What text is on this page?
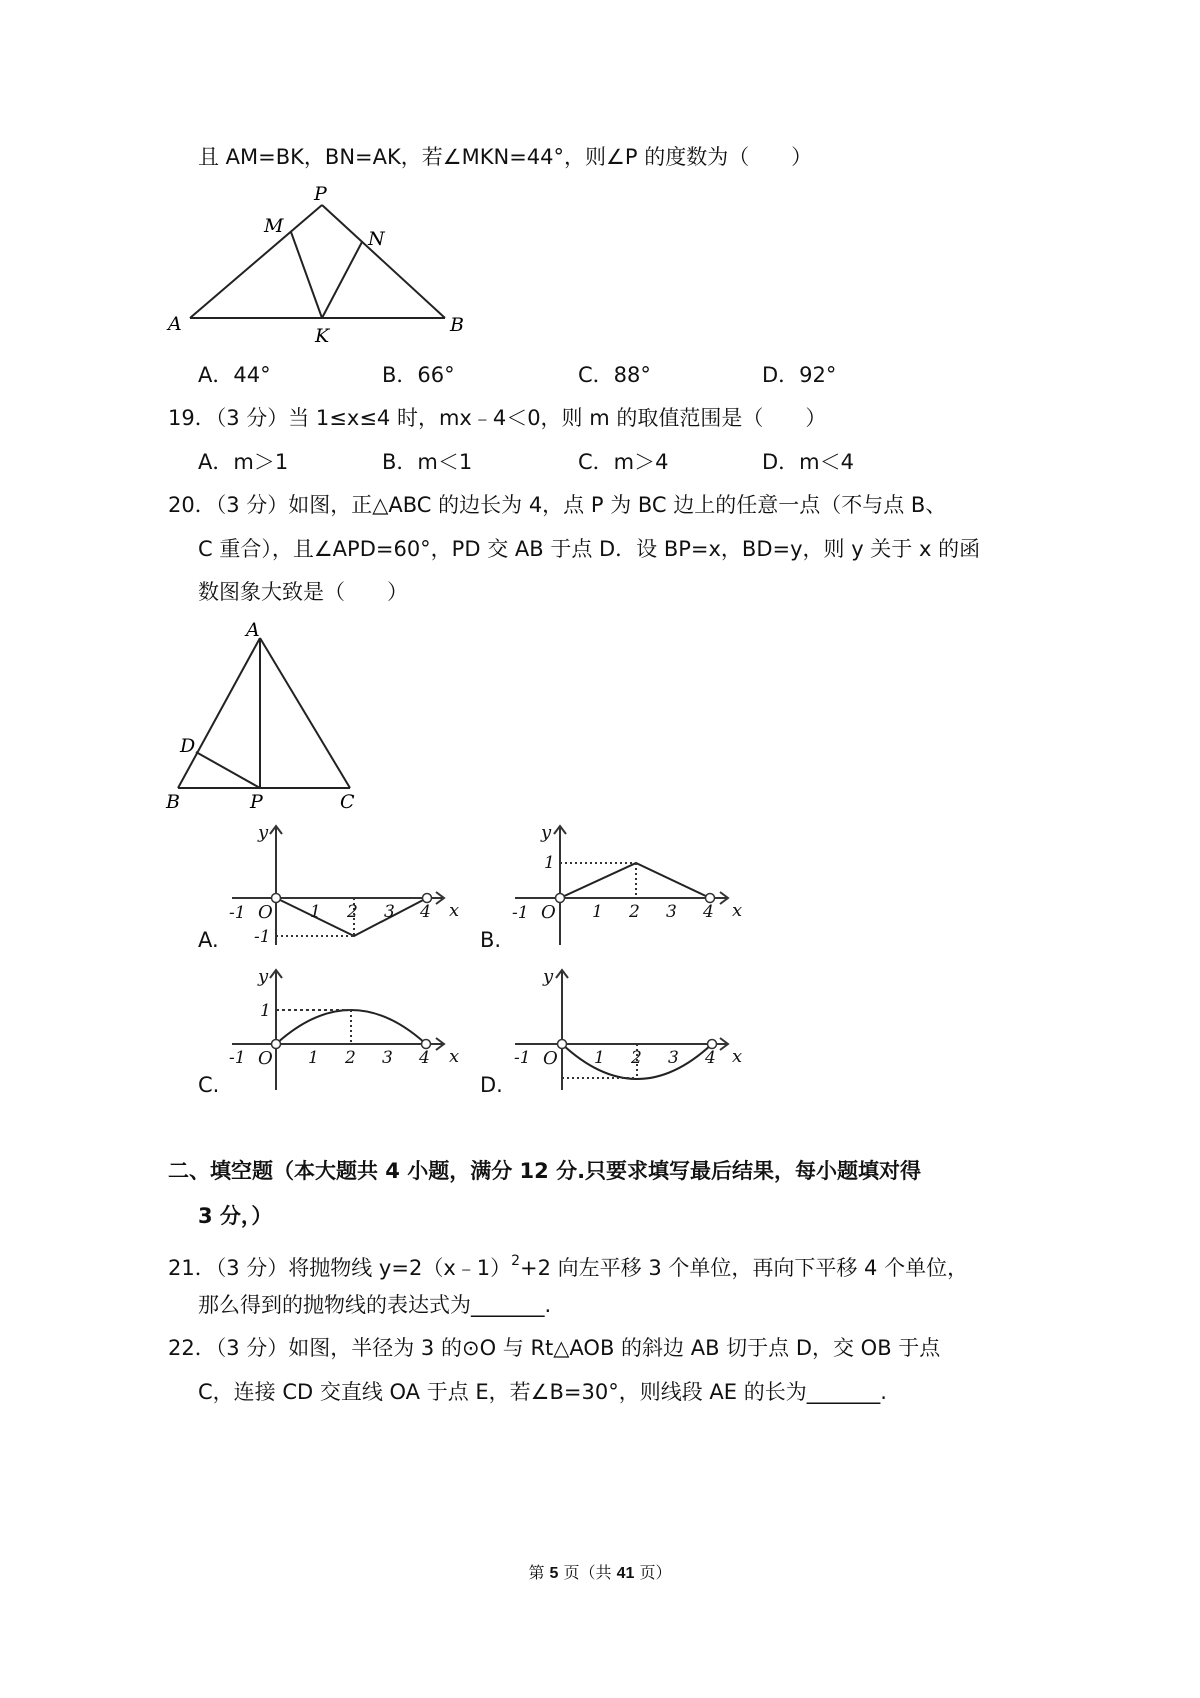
且 AM=BK，BN=AK，若∠MKN=44°，则∠P 的度数为（　　）
P
M
N
A
K	B
A．44°	B．66°	C．88°	D．92°
19．（3 分）当 1≤x≤4 时，mx﹣4＜0，则 m 的取值范围是（　　）
A．m＞1	B．m＜1	C．m＞4	D．m＜4
20．（3 分）如图，正△ABC 的边长为 4，点 P 为 BC 边上的任意一点（不与点 B、
C 重合），且∠APD=60°，PD 交 AB 于点 D．设 BP=x，BD=y，则 y 关于 x 的函
数图象大致是（　　）
A
D
B	P	C
A.
y
x
O
-1	1 2 3 4
-1	B.
y
x
O
-1	1 2 3 4
1
C.
y
x
O
-1	1 2 3 4
1
D.
y
x
O
-1	1 2 3 4
二、填空题（本大题共 4 小题，满分 12 分.只要求填写最后结果，每小题填对得
3 分，）
21．（3 分）将抛物线 y=2（x﹣1）$^2$+2 向左平移 3 个单位，再向下平移 4 个单位，
那么得到的抛物线的表达式为_______.
22．（3 分）如图，半径为 3 的⊙O 与 Rt△AOB 的斜边 AB 切于点 D，交 OB 于点
C，连接 CD 交直线 OA 于点 E，若∠B=30°，则线段 AE 的长为_______.
第 5 页（共 41 页）
